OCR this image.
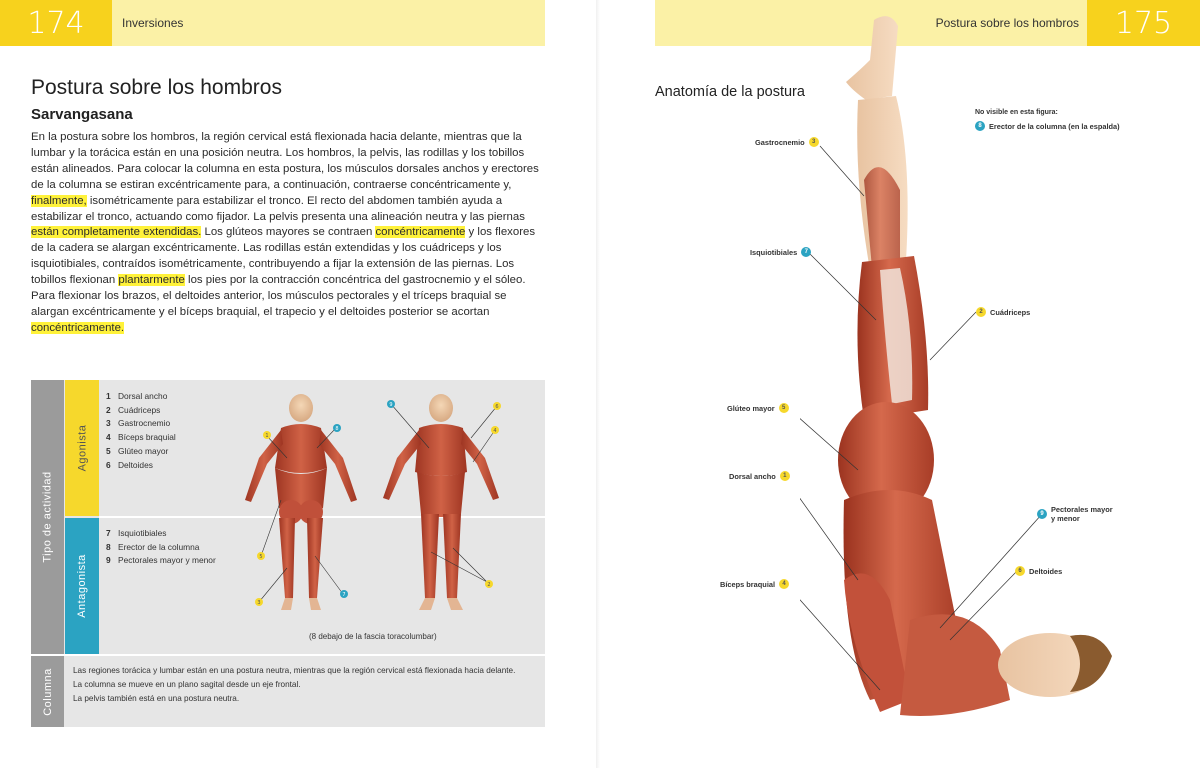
174	Inversiones
Postura sobre los hombros
Sarvangasana

En la postura sobre los hombros, la región cervical está flexionada hacia delante, mientras que la lumbar y la torácica están en una posición neutra. Los hombros, la pelvis, las rodillas y los tobillos están alineados. Para colocar la columna en esta postura, los músculos dorsales anchos y erectores de la columna se estiran excéntricamente para, a continuación, contraerse concéntricamente y, finalmente, isométricamente para estabilizar el tronco. El recto del abdomen también ayuda a estabilizar el tronco, actuando como fijador. La pelvis presenta una alineación neutra y las piernas están completamente extendidas. Los glúteos mayores se contraen concéntricamente y los flexores de la cadera se alargan excéntricamente. Las rodillas están extendidas y los cuádriceps y los isquiotibiales, contraídos isométricamente, contribuyendo a fijar la extensión de las piernas. Los tobillos flexionan plantarmente los pies por la contracción concéntrica del gastrocnemio y el sóleo. Para flexionar los brazos, el deltoides anterior, los músculos pectorales y el tríceps braquial se alargan excéntricamente y el bíceps braquial, el trapecio y el deltoides posterior se acortan concéntricamente.

Tipo de actividad
Columna
Agonista
Antagonista
1 Dorsal ancho
2 Cuádriceps
3 Gastrocnemio
4 Bíceps braquial
5 Glúteo mayor
6 Deltoides
7 Isquiotibiales
8 Erector de la columna
9 Pectorales mayor y menor
1
8
5
3
7
9	6
4
2
(8 debajo de la fascia toracolumbar)
Las regiones torácica y lumbar están en una postura neutra, mientras que la región cervical está flexionada hacia delante.
La columna se mueve en un plano sagital desde un eje frontal.
La pelvis también está en una postura neutra.
Postura sobre los hombros	175
Anatomía de la postura
No visible en esta figura:
8 Erector de la columna (en la espalda)
Gastrocnemio	3
Isquiotibiales	7
2 Cuádriceps
Glúteo mayor	5
Dorsal ancho	1
9 Pectorales mayor
y menor
6 Deltoides
Bíceps braquial	4
